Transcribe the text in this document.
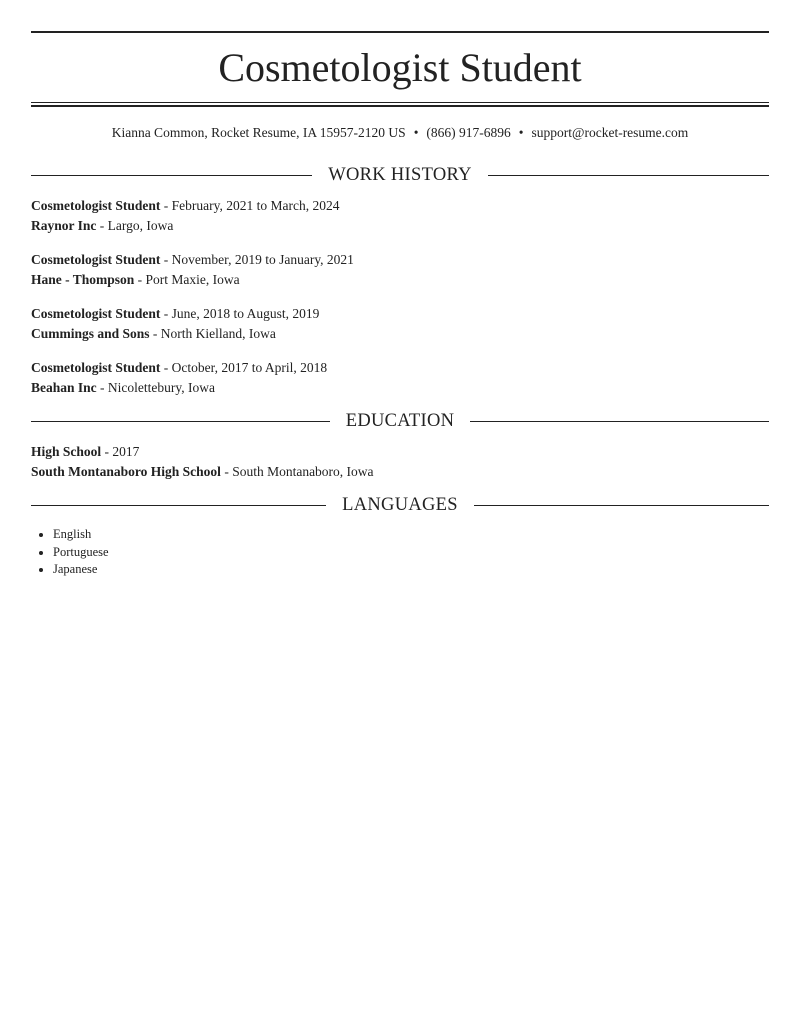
Cosmetologist Student
Kianna Common, Rocket Resume, IA 15957-2120 US • (866) 917-6896 • support@rocket-resume.com
WORK HISTORY
Cosmetologist Student - February, 2021 to March, 2024
Raynor Inc - Largo, Iowa
Cosmetologist Student - November, 2019 to January, 2021
Hane - Thompson - Port Maxie, Iowa
Cosmetologist Student - June, 2018 to August, 2019
Cummings and Sons - North Kielland, Iowa
Cosmetologist Student - October, 2017 to April, 2018
Beahan Inc - Nicolettebury, Iowa
EDUCATION
High School - 2017
South Montanaboro High School - South Montanaboro, Iowa
LANGUAGES
• English
• Portuguese
• Japanese
